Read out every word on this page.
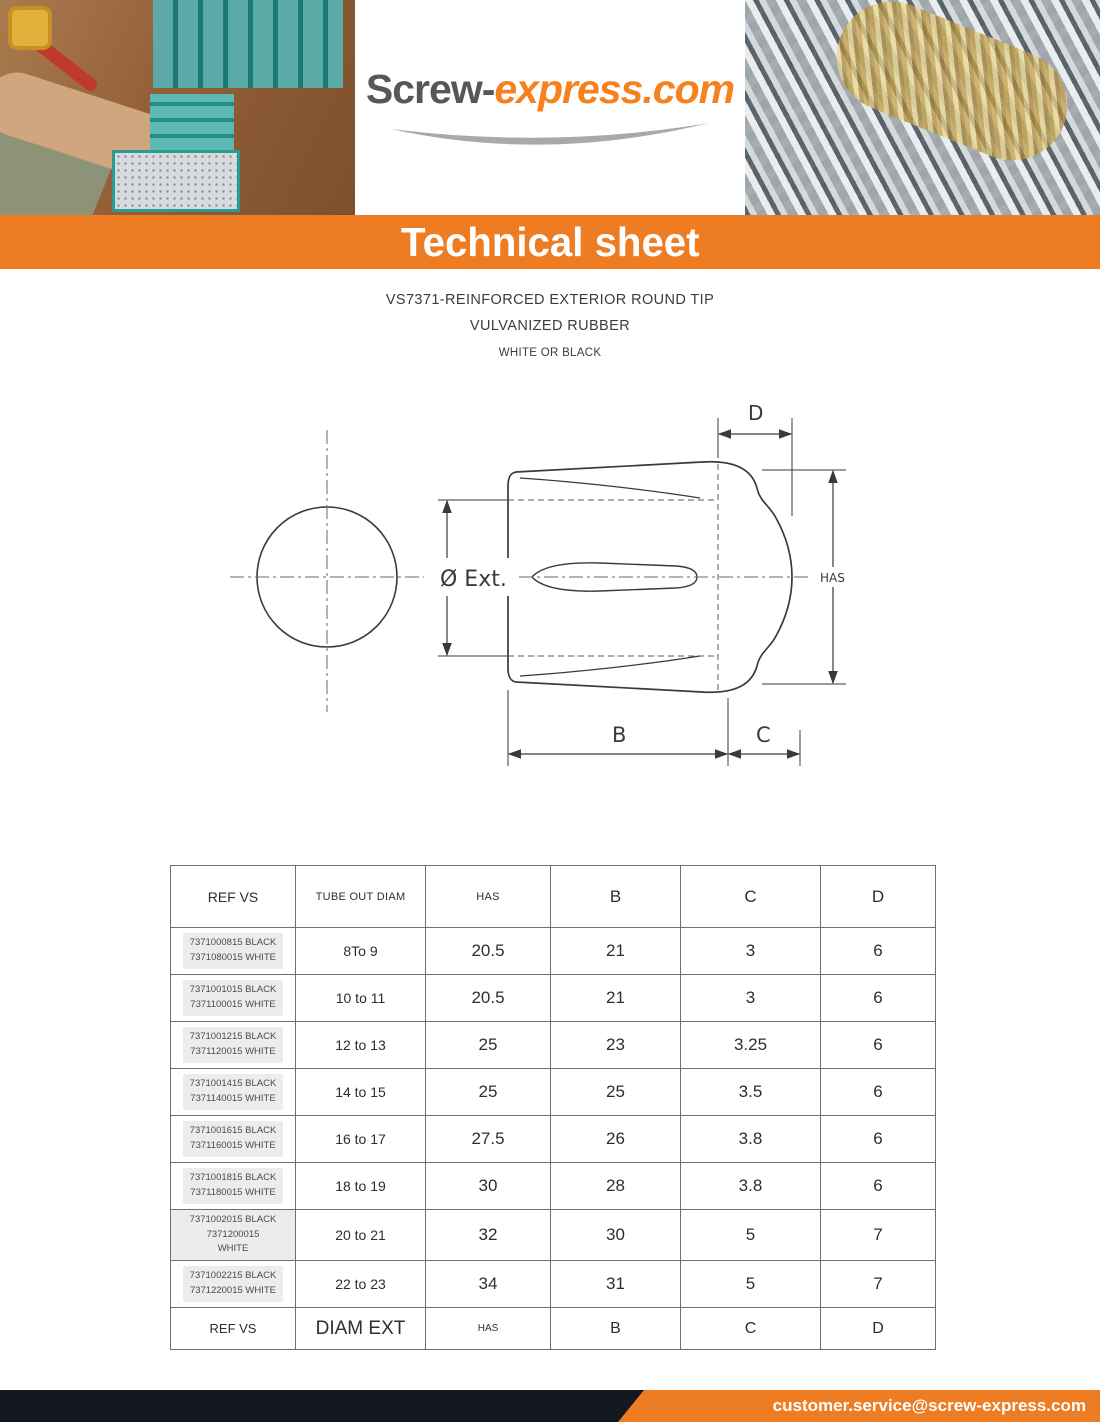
Screw-express.com
Technical sheet
VS7371-REINFORCED EXTERIOR ROUND TIP
VULVANIZED RUBBER
WHITE OR BLACK
Ø Ext.
D
HAS
B	C
REF VS	TUBE OUT DIAM	HAS	B	C	D
7371000815 BLACK
7371080015 WHITE	8To 9	20.5	21	3	6
7371001015 BLACK
7371100015 WHITE	10 to 11	20.5	21	3	6
7371001215 BLACK
7371120015 WHITE	12 to 13	25	23	3.25	6
7371001415 BLACK
7371140015 WHITE	14 to 15	25	25	3.5	6
7371001615 BLACK
7371160015 WHITE	16 to 17	27.5	26	3.8	6
7371001815 BLACK
7371180015 WHITE	18 to 19	30	28	3.8	6
7371002015 BLACK 7371200015
WHITE	20 to 21	32	30	5	7
7371002215 BLACK
7371220015 WHITE	22 to 23	34	31	5	7
REF VS	DIAM EXT	HAS	B	C	D
customer.service@screw-express.com
